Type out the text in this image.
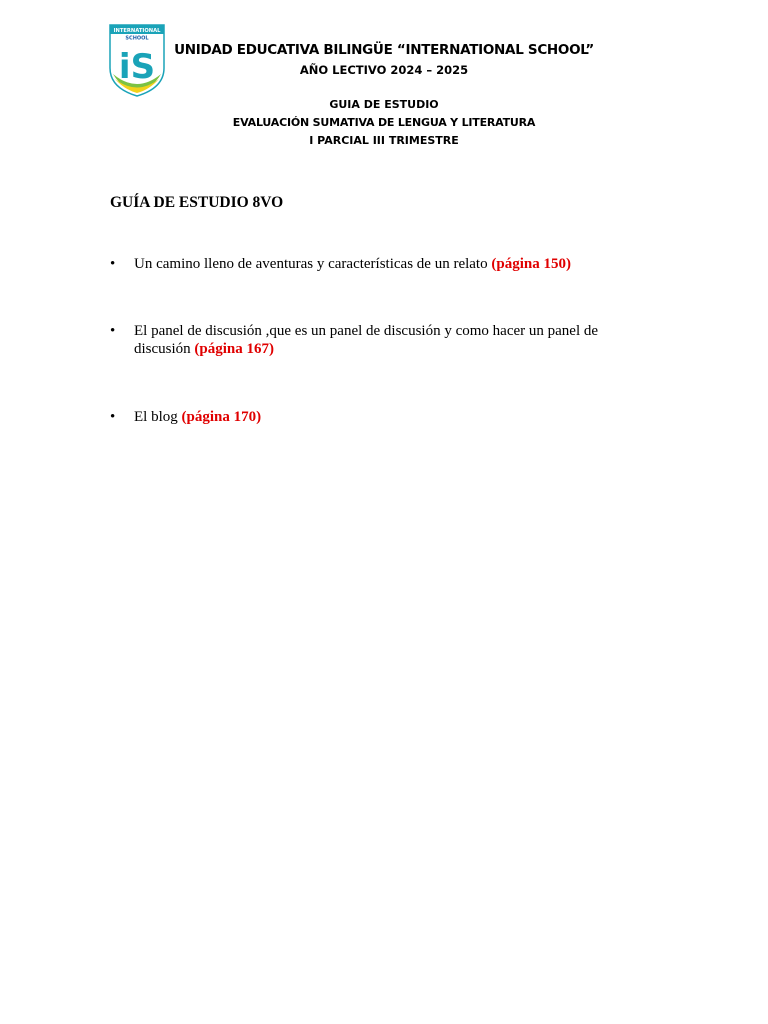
INTERNATIONAL
SCHOOL
iS	UNIDAD EDUCATIVA BILINGÜE “INTERNATIONAL SCHOOL”
AÑO LECTIVO 2024 – 2025
GUIA DE ESTUDIO
EVALUACIÓN SUMATIVA DE LENGUA Y LITERATURA
I PARCIAL III TRIMESTRE
GUÍA DE ESTUDIO 8VO
• Un camino lleno de aventuras y características de un relato (página 150)
• El panel de discusión ,que es un panel de discusión y como hacer un panel de discusión (página 167)
• El blog (página 170)
